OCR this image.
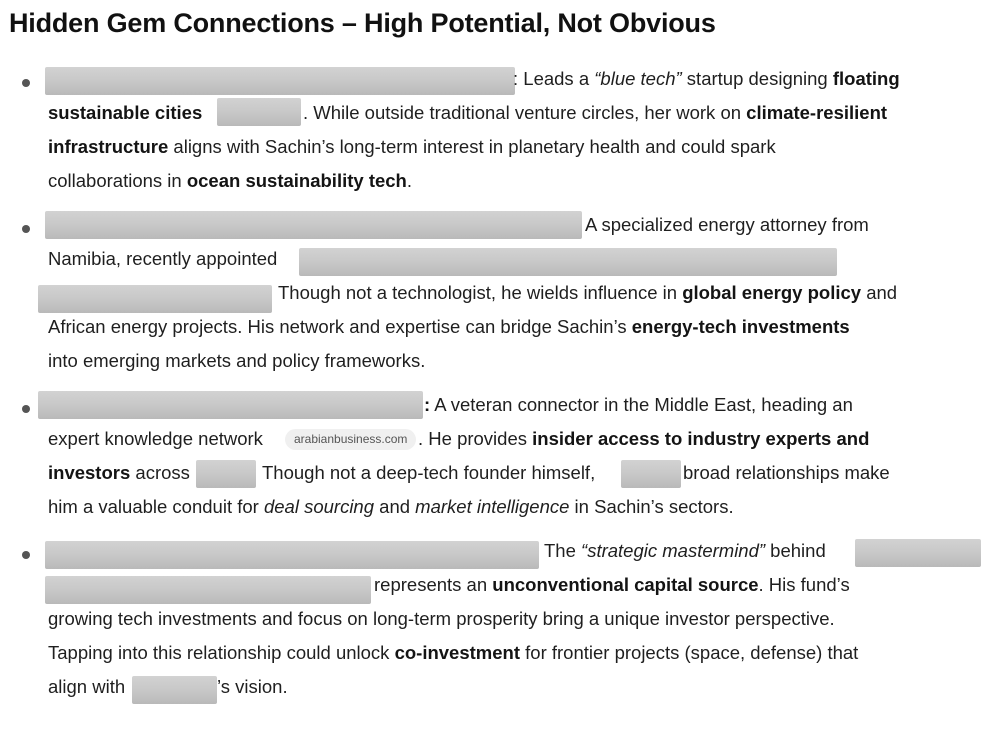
Hidden Gem Connections – High Potential, Not Obvious
: Leads a “blue tech” startup designing floating
sustainable cities	. While outside traditional venture circles, her work on climate-resilient
infrastructure aligns with Sachin’s long-term interest in planetary health and could spark
collaborations in ocean sustainability tech.
A specialized energy attorney from
Namibia, recently appointed
Though not a technologist, he wields influence in global energy policy and
African energy projects. His network and expertise can bridge Sachin’s energy-tech investments
into emerging markets and policy frameworks.
: A veteran connector in the Middle East, heading an
expert knowledge network	arabianbusiness.com . He provides insider access to industry experts and
investors across	Though not a deep-tech founder himself,	broad relationships make
him a valuable conduit for deal sourcing and market intelligence in Sachin’s sectors.
The “strategic mastermind” behind
represents an unconventional capital source. His fund’s
growing tech investments and focus on long-term prosperity bring a unique investor perspective.
Tapping into this relationship could unlock co-investment for frontier projects (space, defense) that
align with	’s vision.
